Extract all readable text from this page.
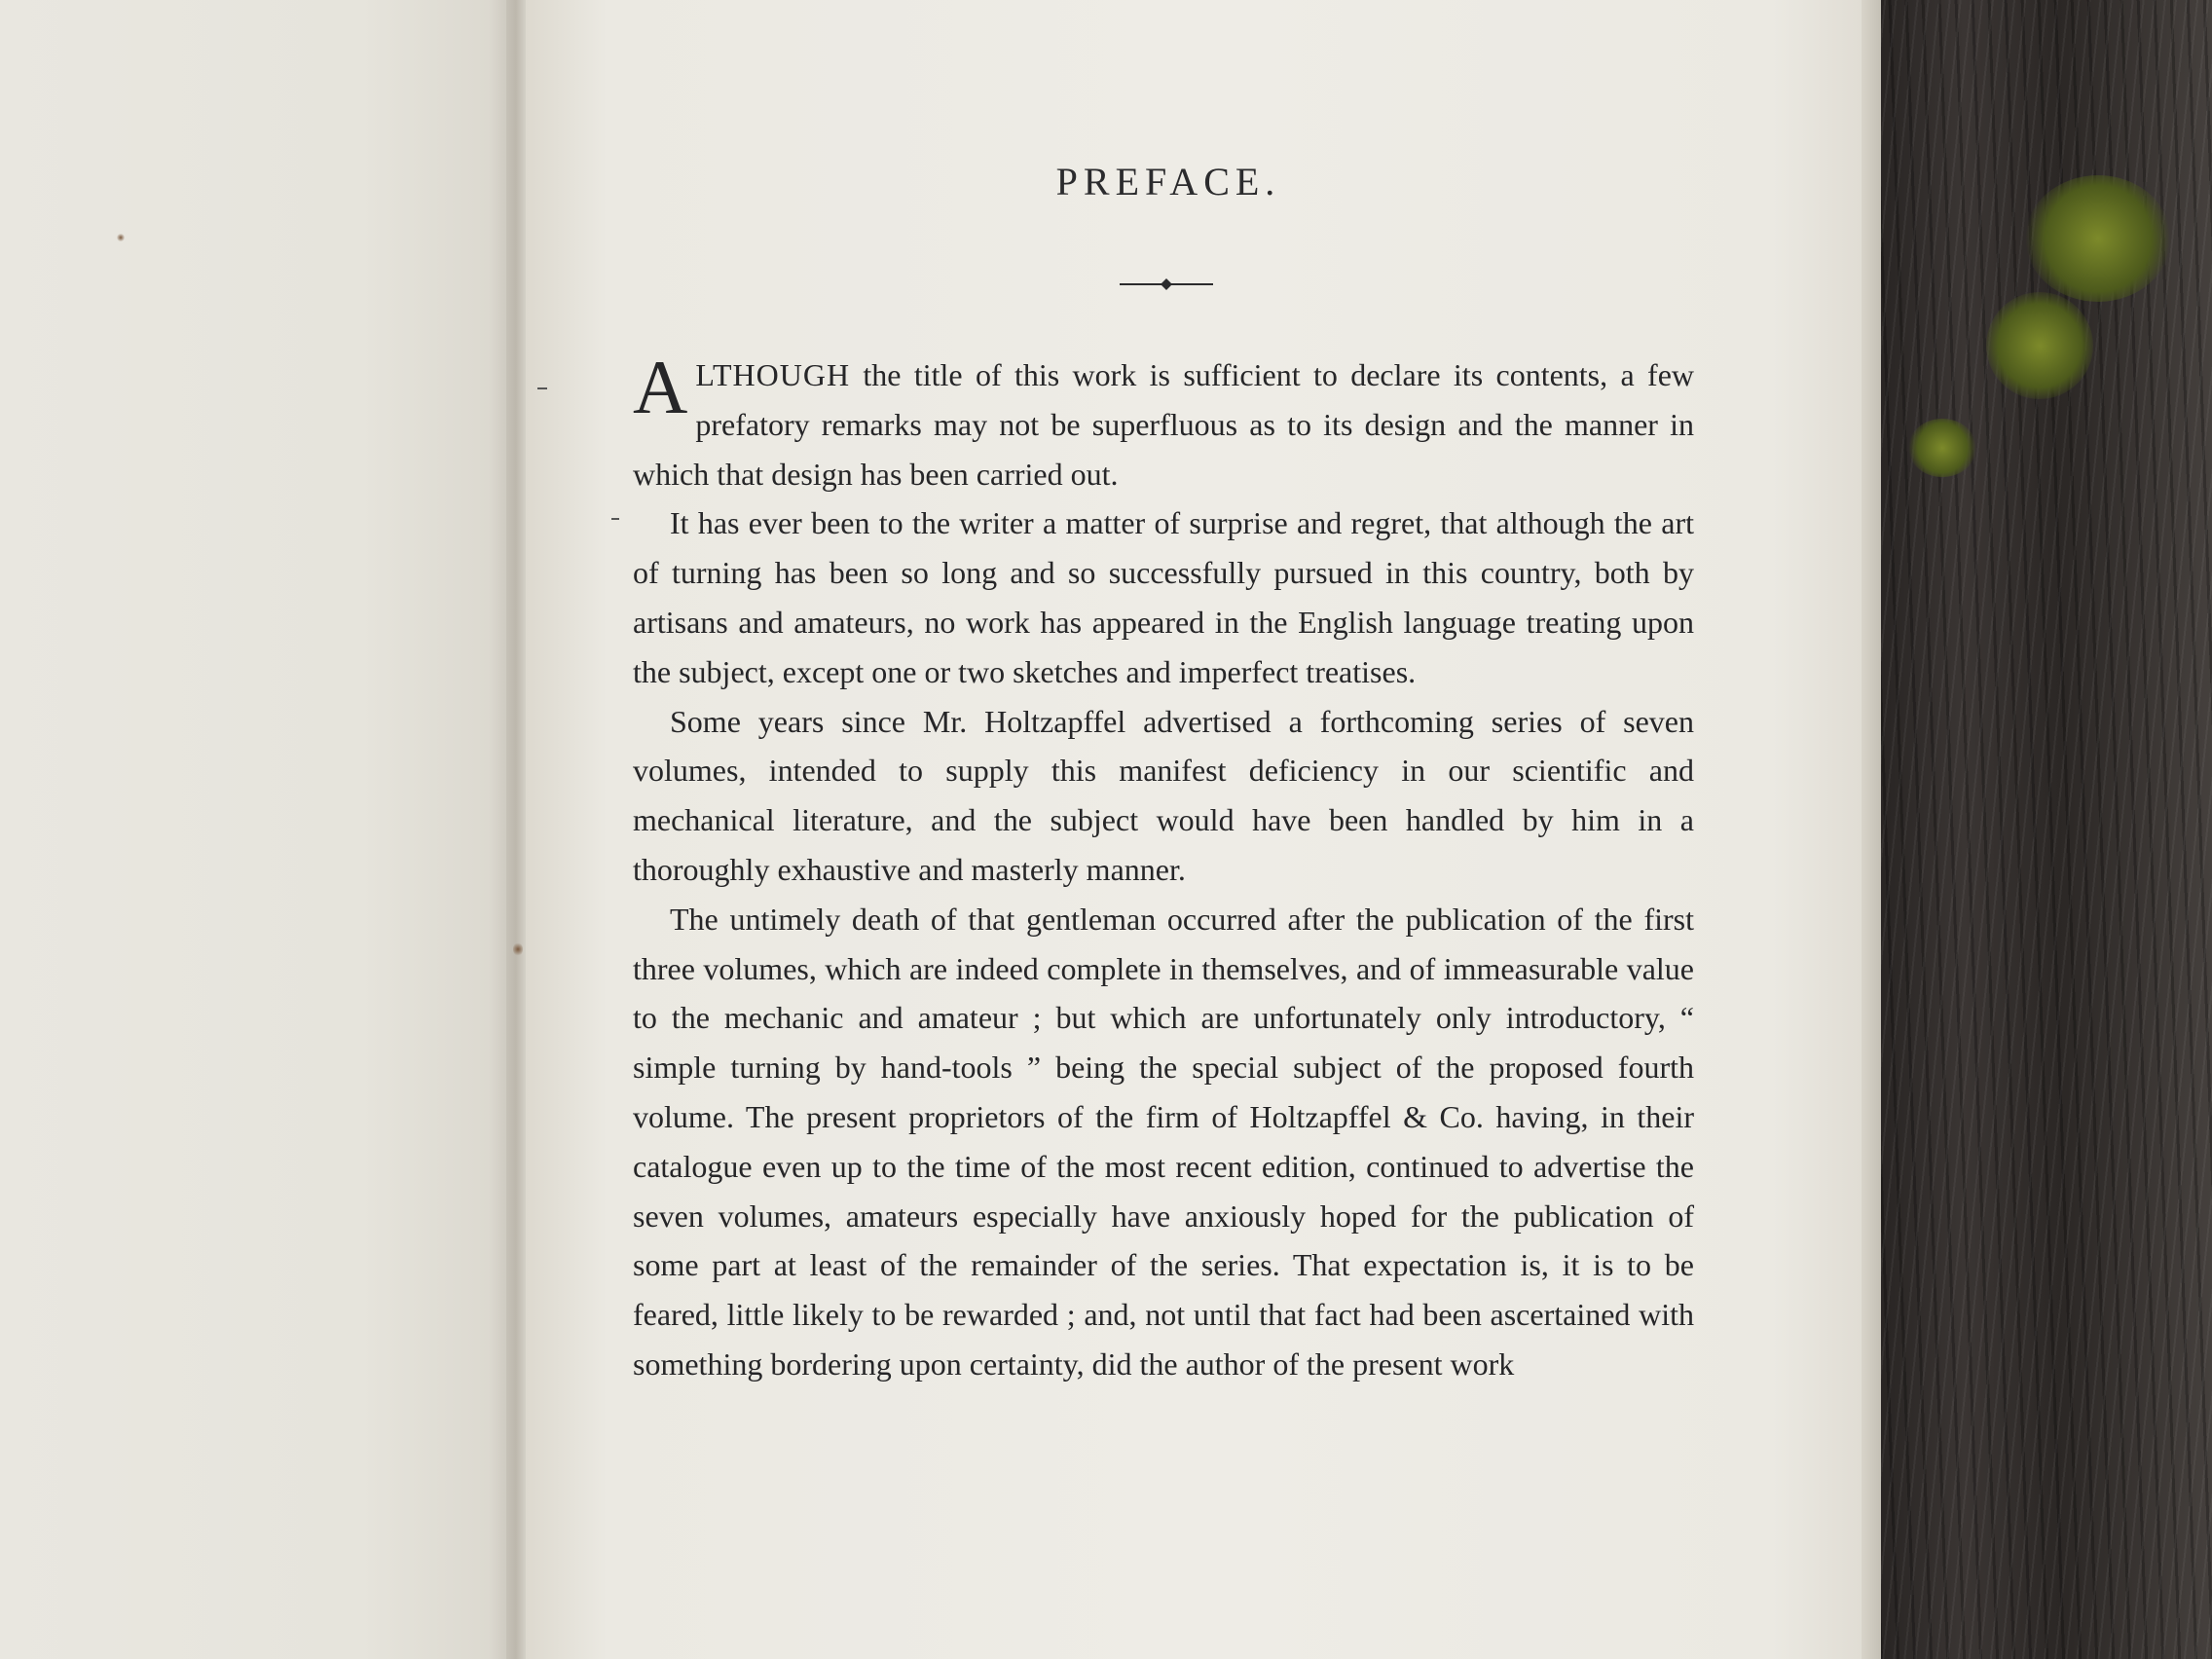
PREFACE.

ALTHOUGH the title of this work is sufficient to declare its contents, a few prefatory remarks may not be superfluous as to its design and the manner in which that design has been carried out.

It has ever been to the writer a matter of surprise and regret, that although the art of turning has been so long and so successfully pursued in this country, both by artisans and amateurs, no work has appeared in the English language treating upon the subject, except one or two sketches and imperfect treatises.

Some years since Mr. Holtzapffel advertised a forthcoming series of seven volumes, intended to supply this manifest deficiency in our scientific and mechanical literature, and the subject would have been handled by him in a thoroughly exhaustive and masterly manner.

The untimely death of that gentleman occurred after the publication of the first three volumes, which are indeed complete in themselves, and of immeasurable value to the mechanic and amateur ; but which are unfortunately only introductory, “ simple turning by hand-tools ” being the special subject of the proposed fourth volume. The present proprietors of the firm of Holtzapffel & Co. having, in their catalogue even up to the time of the most recent edition, continued to advertise the seven volumes, amateurs especially have anxiously hoped for the publication of some part at least of the remainder of the series. That expectation is, it is to be feared, little likely to be rewarded ; and, not until that fact had been ascertained with something bordering upon certainty, did the author of the present work
